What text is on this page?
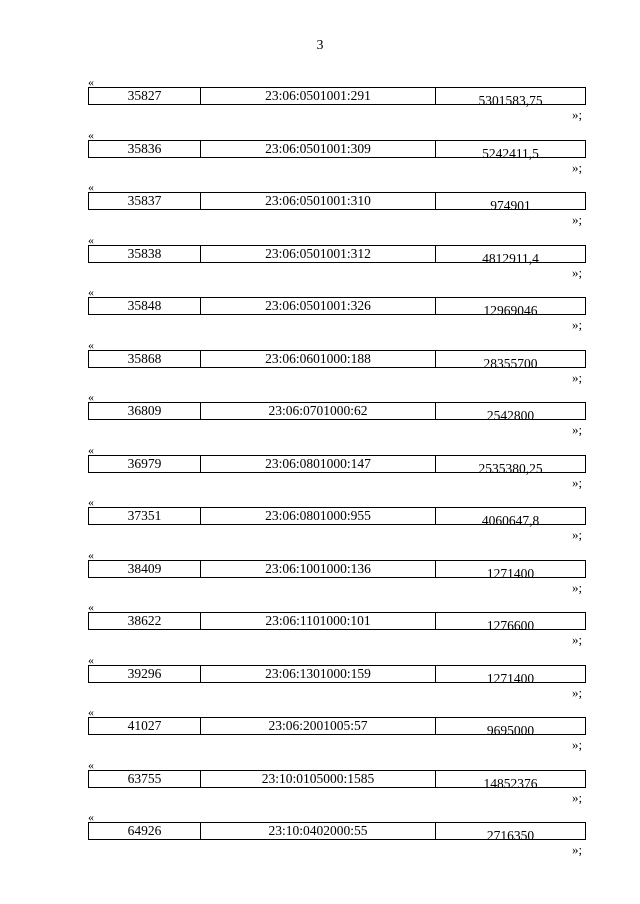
3
«
35827	23:06:0501001:291	5301583,75
»;
«
35836	23:06:0501001:309	5242411,5
»;
«
35837	23:06:0501001:310	974901
»;
«
35838	23:06:0501001:312	4812911,4
»;
«
35848	23:06:0501001:326	12969046
»;
«
35868	23:06:0601000:188	28355700
»;
«
36809	23:06:0701000:62	2542800
»;
«
36979	23:06:0801000:147	2535380,25
»;
«
37351	23:06:0801000:955	4060647,8
»;
«
38409	23:06:1001000:136	1271400
»;
«
38622	23:06:1101000:101	1276600
»;
«
39296	23:06:1301000:159	1271400
»;
«
41027	23:06:2001005:57	9695000
»;
«
63755	23:10:0105000:1585	14852376
»;
«
64926	23:10:0402000:55	2716350
»;
